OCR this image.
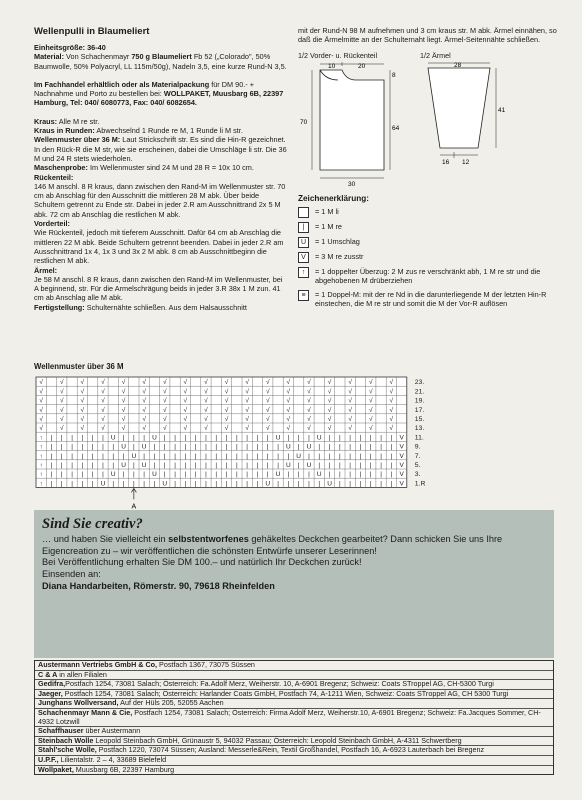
Wellenpulli in Blaumeliert
Einheitsgröße: 36-40
Material: Von Schachenmayr 750 g Blaumeliert Fb 52 („Colorado", 50% Baumwolle, 50% Polyacryl, LL 115m/50g), Nadeln 3,5, eine kurze Rund-N 3,5.
Im Fachhandel erhältlich oder als Materialpackung für DM 90.- + Nachnahme und Porto zu bestellen bei: WOLLPAKET, Muusbarg 6B, 22397 Hamburg, Tel: 040/ 6080773, Fax: 040/ 6082654.
Kraus: Alle M re str.
Kraus in Runden: Abwechselnd 1 Runde re M, 1 Runde li M str.
Wellenmuster über 36 M: Laut Strickschrift str. Es sind die Hin-R gezeichnet. In den Rück-R die M str, wie sie erscheinen, dabei die Umschläge li str. Die 36 M und 24 R stets wiederholen.
Maschenprobe: Im Wellenmuster sind 24 M und 28 R = 10x 10 cm.
Rückenteil:
146 M anschl. 8 R kraus, dann zwischen den Rand-M im Wellenmuster str. 70 cm ab Anschlag für den Ausschnitt die mittleren 28 M abk. Über beide Schultern getrennt zu Ende str. Dabei in jeder 2.R am Ausschnittrand 2x 5 M abk. 72 cm ab Anschlag die restlichen M abk.
Vorderteil:
Wie Rückenteil, jedoch mit tieferem Ausschnitt. Dafür 64 cm ab Anschlag die mittleren 22 M abk. Beide Schultern getrennt beenden. Dabei in jeder 2.R am Ausschnittrand 1x 4, 1x 3 und 3x 2 M abk. 8 cm ab Ausschnittbeginn die restlichen M abk.
Ärmel:
Je 58 M anschl. 8 R kraus, dann zwischen den Rand-M im Wellenmuster, bei A beginnend, str. Für die Armelschrägung beids in jeder 3.R 38x 1 M zun. 41 cm ab Anschlag alle M abk.
Fertigstellung: Schulternähte schließen. Aus dem Halsausschnitt
mit der Rund-N 98 M aufnehmen und 3 cm kraus str. M abk. Ärmel einnähen, so daß die Ärmelmitte an der Schulternaht liegt. Ärmel-Seitennähte schließen.
1/2 Vorder- u. Rückenteil
10	20
8
64
70
30
1/2 Ärmel
28
41
16 12
Zeichenerklärung:
= 1 M li
|	= 1 M re
U	= 1 Umschlag
V	= 3 M re zusstr
↑	= 1 doppelter Überzug: 2 M zus re verschränkt abh, 1 M re str und die abgehobenen M drüberziehen
≡	= 1 Doppel-M: mit der re Nd in die darunterliegende M der letzten Hin-R einstechen, die M re str und somit die M der Vor-R auflösen
Wellenmuster über 36 M
√	√	√	√	√	√	√	√	√	√	√	√	√	√	√	√	√	√
√	√	√	√	√	√	√	√	√	√	√	√	√	√	√	√	√	√
√	√	√	√	√	√	√	√	√	√	√	√	√	√	√	√	√	√
√	√	√	√	√	√	√	√	√	√	√	√	√	√	√	√	√	√
√	√	√	√	√	√	√	√	√	√	√	√	√	√	√	√	√	√
√	√	√	√	√	√	√	√	√	√	√	√	√	√	√	√	√	√
↑ | | | | | | U | | | U | | | | | | | | | | | U | | | U | | | | | | | V
↑ | | | | | | | U | U | | | | | | | | | | | | | U | U | | | | | | | | V
↑ | | | | | | | | U | | | | | | | | | | | | | | | U | | | | | | | | | V
↑ | | | | | | | U | U | | | | | | | | | | | | | U | U | | | | | | | | V
↑ | | | | | | U | | | U | | | | | | | | | | | U | | | U | | | | | | | V
↑ | | | | | U | | | | | U | | | | | | | | | U | | | | | U | | | | | | V
23.
21.
19.
17.
15.
13.
11.
9.
7.
5.
3.
1.R
A
Sind Sie creativ?
… und haben Sie vielleicht ein selbstentworfenes gehäkeltes Deckchen gearbeitet? Dann schicken Sie uns Ihre Eigencreation zu – wir veröffentlichen die schönsten Entwürfe unserer Leserinnen!
Bei Veröffentlichung erhalten Sie DM 100.– und natürlich Ihr Deckchen zurück!
Einsenden an:
Diana Handarbeiten, Römerstr. 90, 79618 Rheinfelden
Austermann Vertriebs GmbH & Co, Postfach 1367, 73075 Süssen
C & A in allen Filialen
Gedifra,Postfach 1254, 73081 Salach; Österreich: Fa.Adolf Merz, Weiherstr. 10, A-6901 Bregenz; Schweiz: Coats STroppel AG, CH-5300 Turgi
Jaeger, Postfach 1254, 73081 Salach; Österreich: Harlander Coats GmbH, Postfach 74, A-1211 Wien, Schweiz: Coats STroppel AG, CH 5300 Turgi
Junghans Wollversand, Auf der Hüls 205, 52055 Aachen
Schachenmayr Mann & Cie, Postfach 1254, 73081 Salach; Österreich: Firma Adolf Merz, Weiherstr.10, A-6901 Bregenz; Schweiz: Fa.Jacques Sommer, CH-4932 Lotzwill
Schaffhauser über Austermann
Steinbach Wolle Leopold Steinbach GmbH, Grünaustr 5, 94032 Passau; Österreich: Leopold Steinbach GmbH, A-4311 Schwertberg
Stahl'sche Wolle, Postfach 1220, 73074 Süssen; Ausland: Messerle&Rein, Textil Großhandel, Postfach 16, A-6923 Lauterbach bei Bregenz
U.P.F., Lilientalstr. 2 – 4, 33689 Bielefeld
Wollpaket, Muusbarg 6B, 22397 Hamburg
